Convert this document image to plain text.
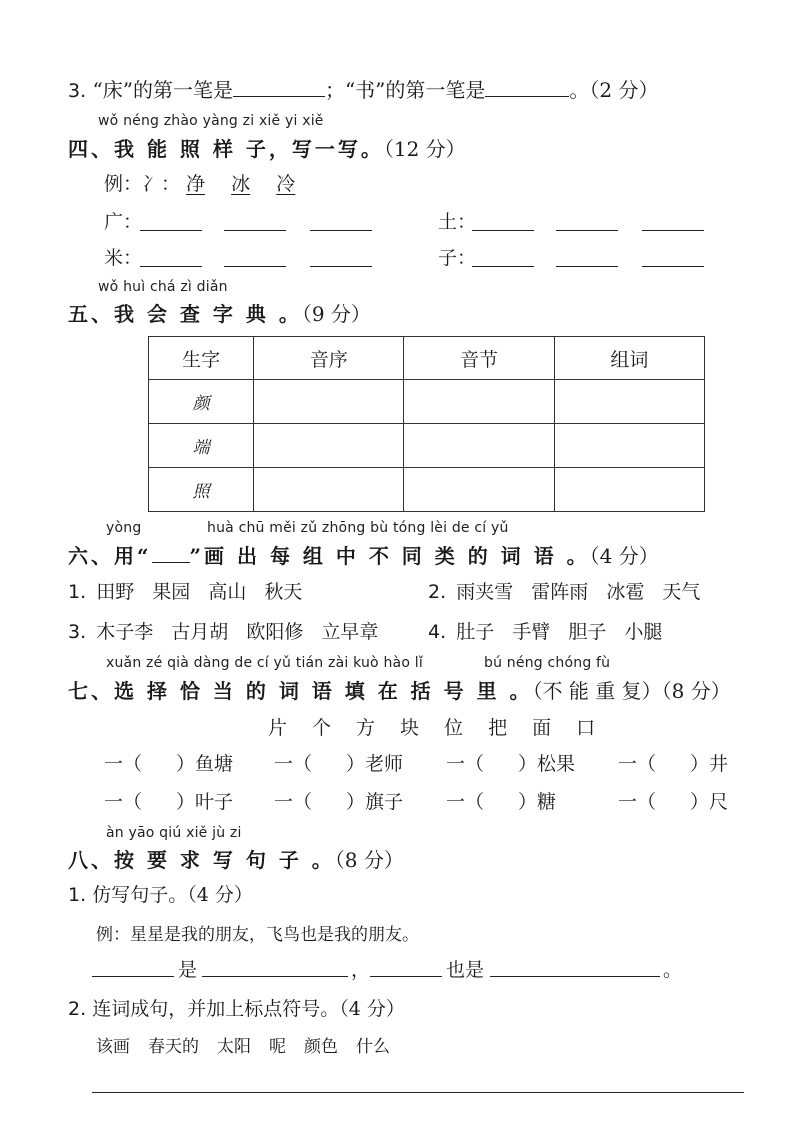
3. “床”的第一笔是	；“书”的第一笔是	。（2 分）
wǒ néng zhào yàng zi xiě yi xiě
四、我 能 照 样 子，写一写。（12 分）
例：冫： 净 冰 冷
广：	土：
米：	子：
wǒ huì chá zì diǎn
五、我 会 查 字 典 。（9 分）
生字	音序	音节	组词
颜			
端			
照			
yòng	huà chū měi zǔ zhōng bù tóng lèi de cí yǔ
六、用“ ”画 出 每 组 中 不 同 类 的 词 语 。（4 分）
1. 田野 果园 高山 秋天	2. 雨夹雪 雷阵雨 冰雹 天气
3. 木子李 古月胡 欧阳修 立早章	4. 肚子 手臂 胆子 小腿
xuǎn zé qià dàng de cí yǔ tián zài kuò hào lǐ	bú néng chóng fù
七、选 择 恰 当 的 词 语 填 在 括 号 里 。（不 能 重 复）（8 分）
片 个 方 块 位 把 面 口
一（ ）鱼塘 一（ ）老师 一（ ）松果 一（ ）井
一（ ）叶子 一（ ）旗子 一（ ）糖	一（ ）尺
àn yāo qiú xiě jù zi
八、按 要 求 写 句 子 。（8 分）
1. 仿写句子。（4 分）
例：星星是我的朋友，飞鸟也是我的朋友。
是	，	也是	。
2. 连词成句，并加上标点符号。（4 分）
该画 春天的 太阳 呢 颜色 什么
